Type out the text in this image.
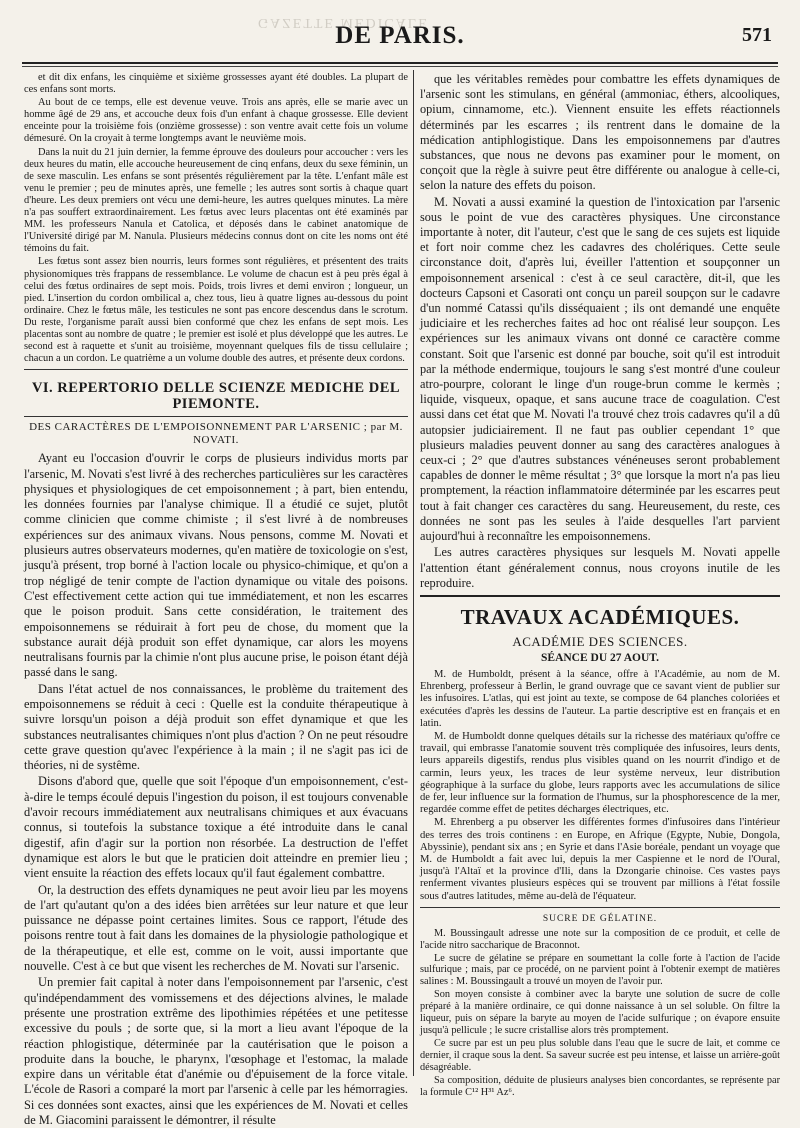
GAZETTE MÉDICALE
DE PARIS.	571

et dit dix enfans, les cinquième et sixième grossesses ayant été doubles. La plupart de ces enfans sont morts.

Au bout de ce temps, elle est devenue veuve. Trois ans après, elle se marie avec un homme âgé de 29 ans, et accouche deux fois d'un enfant à chaque grossesse. Elle devient enceinte pour la troisième fois (onzième grossesse) : son ventre avait cette fois un volume démesuré. On la croyait à terme longtemps avant le neuvième mois.

Dans la nuit du 21 juin dernier, la femme éprouve des douleurs pour accoucher : vers les deux heures du matin, elle accouche heureusement de cinq enfans, deux du sexe féminin, un de sexe masculin. Les enfans se sont présentés régulièrement par la tête. L'enfant mâle est venu le premier ; peu de minutes après, une femelle ; les autres sont sortis à chaque quart d'heure. Les deux premiers ont vécu une demi-heure, les autres quelques minutes. La mère n'a pas souffert extraordinairement. Les fœtus avec leurs placentas ont été examinés par MM. les professeurs Nanula et Catolica, et déposés dans le cabinet anatomique de l'Université dirigé par M. Nanula. Plusieurs médecins connus dont on cite les noms ont été témoins du fait.

Les fœtus sont assez bien nourris, leurs formes sont régulières, et présentent des traits physionomiques très frappans de ressemblance. Le volume de chacun est à peu près égal à celui des fœtus ordinaires de sept mois. Poids, trois livres et demi environ ; longueur, un pied. L'insertion du cordon ombilical a, chez tous, lieu à quatre lignes au-dessous du point ordinaire. Chez le fœtus mâle, les testicules ne sont pas encore descendus dans le scrotum. Du reste, l'organisme paraît aussi bien conformé que chez les enfans de sept mois. Les placentas sont au nombre de quatre ; le premier est isolé et plus développé que les autres. Le second est à raquette et s'unit au troisième, moyennant quelques fils de tissu cellulaire ; chacun a un cordon. Le quatrième a un volume double des autres, et présente deux cordons.

VI. REPERTORIO DELLE SCIENZE MEDICHE DEL PIEMONTE.
DES CARACTÈRES DE L'EMPOISONNEMENT PAR L'ARSENIC ; par M. NOVATI.

Ayant eu l'occasion d'ouvrir le corps de plusieurs individus morts par l'arsenic, M. Novati s'est livré à des recherches particulières sur les caractères physiques et physiologiques de cet empoisonnement ; à part, bien entendu, les données fournies par l'analyse chimique. Il a étudié ce sujet, plutôt comme clinicien que comme chimiste ; il s'est livré à de nombreuses expériences sur des animaux vivans. Nous pensons, comme M. Novati et plusieurs autres observateurs modernes, qu'en matière de toxicologie on s'est, jusqu'à présent, trop borné à l'action locale ou physico-chimique, et qu'on a trop négligé de tenir compte de l'action dynamique ou vitale des poisons. C'est effectivement cette action qui tue immédiatement, et non les escarres que le poison produit. Sans cette considération, le traitement des empoisonnemens se réduirait à fort peu de chose, du moment que la substance aurait déjà produit son effet dynamique, car alors les moyens neutralisans fournis par la chimie n'ont plus aucune prise, le poison étant déjà passé dans le sang.

Dans l'état actuel de nos connaissances, le problème du traitement des empoisonnemens se réduit à ceci : Quelle est la conduite thérapeutique à suivre lorsqu'un poison a déjà produit son effet dynamique et que les substances neutralisantes chimiques n'ont plus d'action ? On ne peut résoudre cette grave question qu'avec l'expérience à la main ; il ne s'agit pas ici de théories, ni de systême.

Disons d'abord que, quelle que soit l'époque d'un empoisonnement, c'est-à-dire le temps écoulé depuis l'ingestion du poison, il est toujours convenable d'avoir recours immédiatement aux neutralisans chimiques et aux évacuans connus, si toutefois la substance toxique a été introduite dans le canal digestif, afin d'agir sur la portion non résorbée. La destruction de l'effet dynamique est alors le but que le praticien doit atteindre en premier lieu ; vient ensuite la réaction des effets locaux qu'il faut également combattre.

Or, la destruction des effets dynamiques ne peut avoir lieu par les moyens de l'art qu'autant qu'on a des idées bien arrêtées sur leur nature et que leur puissance ne dépasse point certaines limites. Sous ce rapport, l'étude des poisons rentre tout à fait dans les domaines de la physiologie pathologique et de la thérapeutique, et elle est, comme on le voit, aussi importante que nouvelle. C'est à ce but que visent les recherches de M. Novati sur l'arsenic.

Un premier fait capital à noter dans l'empoisonnement par l'arsenic, c'est qu'indépendamment des vomissemens et des déjections alvines, le malade présente une prostration extrême des lipothimies répétées et une petitesse excessive du pouls ; de sorte que, si la mort a lieu avant l'époque de la réaction phlogistique, déterminée par la cautérisation que le poison a produite dans la bouche, le pharynx, l'œsophage et l'estomac, la malade expire dans un véritable état d'anémie ou d'épuisement de la force vitale. L'école de Rasori a comparé la mort par l'arsenic à celle par les hémorragies. Si ces données sont exactes, ainsi que les expériences de M. Novati et celles de M. Giacomini paraissent le démontrer, il résulte

que les véritables remèdes pour combattre les effets dynamiques de l'arsenic sont les stimulans, en général (ammoniac, éthers, alcooliques, opium, cinnamome, etc.). Viennent ensuite les effets réactionnels déterminés par les escarres ; ils rentrent dans le domaine de la médication antiphlogistique. Dans les empoisonnemens par d'autres substances, que nous ne devons pas examiner pour le moment, on conçoit que la règle à suivre peut être différente ou analogue à celle-ci, selon la nature des effets du poison.

M. Novati a aussi examiné la question de l'intoxication par l'arsenic sous le point de vue des caractères physiques. Une circonstance importante à noter, dit l'auteur, c'est que le sang de ces sujets est liquide et fort noir comme chez les cadavres des cholériques. Cette seule circonstance doit, d'après lui, éveiller l'attention et soupçonner un empoisonnement arsenical : c'est à ce seul caractère, dit-il, que les docteurs Capsoni et Casorati ont conçu un pareil soupçon sur le cadavre d'un nommé Catassi qu'ils disséquaient ; ils ont demandé une enquête judiciaire et les recherches faites ad hoc ont réalisé leur soupçon. Les expériences sur les animaux vivans ont donné ce caractère comme constant. Soit que l'arsenic est donné par bouche, soit qu'il est introduit par la méthode endermique, toujours le sang s'est montré d'une couleur atro-pourpre, colorant le linge d'un rouge-brun comme le kermès ; liquide, visqueux, opaque, et sans aucune trace de coagulation. C'est aussi dans cet état que M. Novati l'a trouvé chez trois cadavres qu'il a dû autopsier judiciairement. Il ne faut pas oublier cependant 1° que plusieurs maladies peuvent donner au sang des caractères analogues à ceux-ci ; 2° que d'autres substances vénéneuses seront probablement capables de donner le même résultat ; 3° que lorsque la mort n'a pas lieu promptement, la réaction inflammatoire déterminée par les escarres peut tout à fait changer ces caractères du sang. Heureusement, du reste, ces données ne sont pas les seules à l'aide desquelles l'art parvient aujourd'hui à reconnaître les empoisonnemens.

Les autres caractères physiques sur lesquels M. Novati appelle l'attention étant généralement connus, nous croyons inutile de les reproduire.

TRAVAUX ACADÉMIQUES.
ACADÉMIE DES SCIENCES.
SÉANCE DU 27 AOUT.

M. de Humboldt, présent à la séance, offre à l'Académie, au nom de M. Ehrenberg, professeur à Berlin, le grand ouvrage que ce savant vient de publier sur les infusoires. L'atlas, qui est joint au texte, se compose de 64 planches coloriées et exécutées d'après les dessins de l'auteur. La partie descriptive est en français et en latin.

M. de Humboldt donne quelques détails sur la richesse des matériaux qu'offre ce travail, qui embrasse l'anatomie souvent très compliquée des infusoires, leurs dents, leurs appareils digestifs, rendus plus visibles quand on les nourrit d'indigo et de carmin, leurs yeux, les traces de leur système nerveux, leur distribution géographique à la surface du globe, leurs rapports avec les accumulations de silice de fer, leur influence sur la formation de l'humus, sur la phosphorescence de la mer, regardée comme effet de petites décharges électriques, etc.

M. Ehrenberg a pu observer les différentes formes d'infusoires dans l'intérieur des terres des trois continens : en Europe, en Afrique (Egypte, Nubie, Dongola, Abyssinie), pendant six ans ; en Syrie et dans l'Asie boréale, pendant un voyage que M. de Humboldt a fait avec lui, depuis la mer Caspienne et le nord de l'Oural, jusqu'à l'Altaï et la province d'Ili, dans la Dzongarie chinoise. Ces vastes pays renferment vivantes plusieurs espèces qui se trouvent par millions à l'état fossile sous d'autres latitudes, même au-delà de l'équateur.

SUCRE DE GÉLATINE.

M. Boussingault adresse une note sur la composition de ce produit, et celle de l'acide nitro saccharique de Braconnot.

Le sucre de gélatine se prépare en soumettant la colle forte à l'action de l'acide sulfurique ; mais, par ce procédé, on ne parvient point à l'obtenir exempt de matières salines : M. Boussingault a trouvé un moyen de l'avoir pur.

Son moyen consiste à combiner avec la baryte une solution de sucre de colle préparé à la manière ordinaire, ce qui donne naissance à un sel soluble. On filtre la liqueur, puis on sépare la baryte au moyen de l'acide sulfurique ; on évapore ensuite jusqu'à pellicule ; le sucre cristallise alors très promptement.

Ce sucre par est un peu plus soluble dans l'eau que le sucre de lait, et comme ce dernier, il craque sous la dent. Sa saveur sucrée est peu intense, et laisse un arrière-goût désagréable.

Sa composition, déduite de plusieurs analyses bien concordantes, se représente par la formule C¹² H³¹ Az⁶.
